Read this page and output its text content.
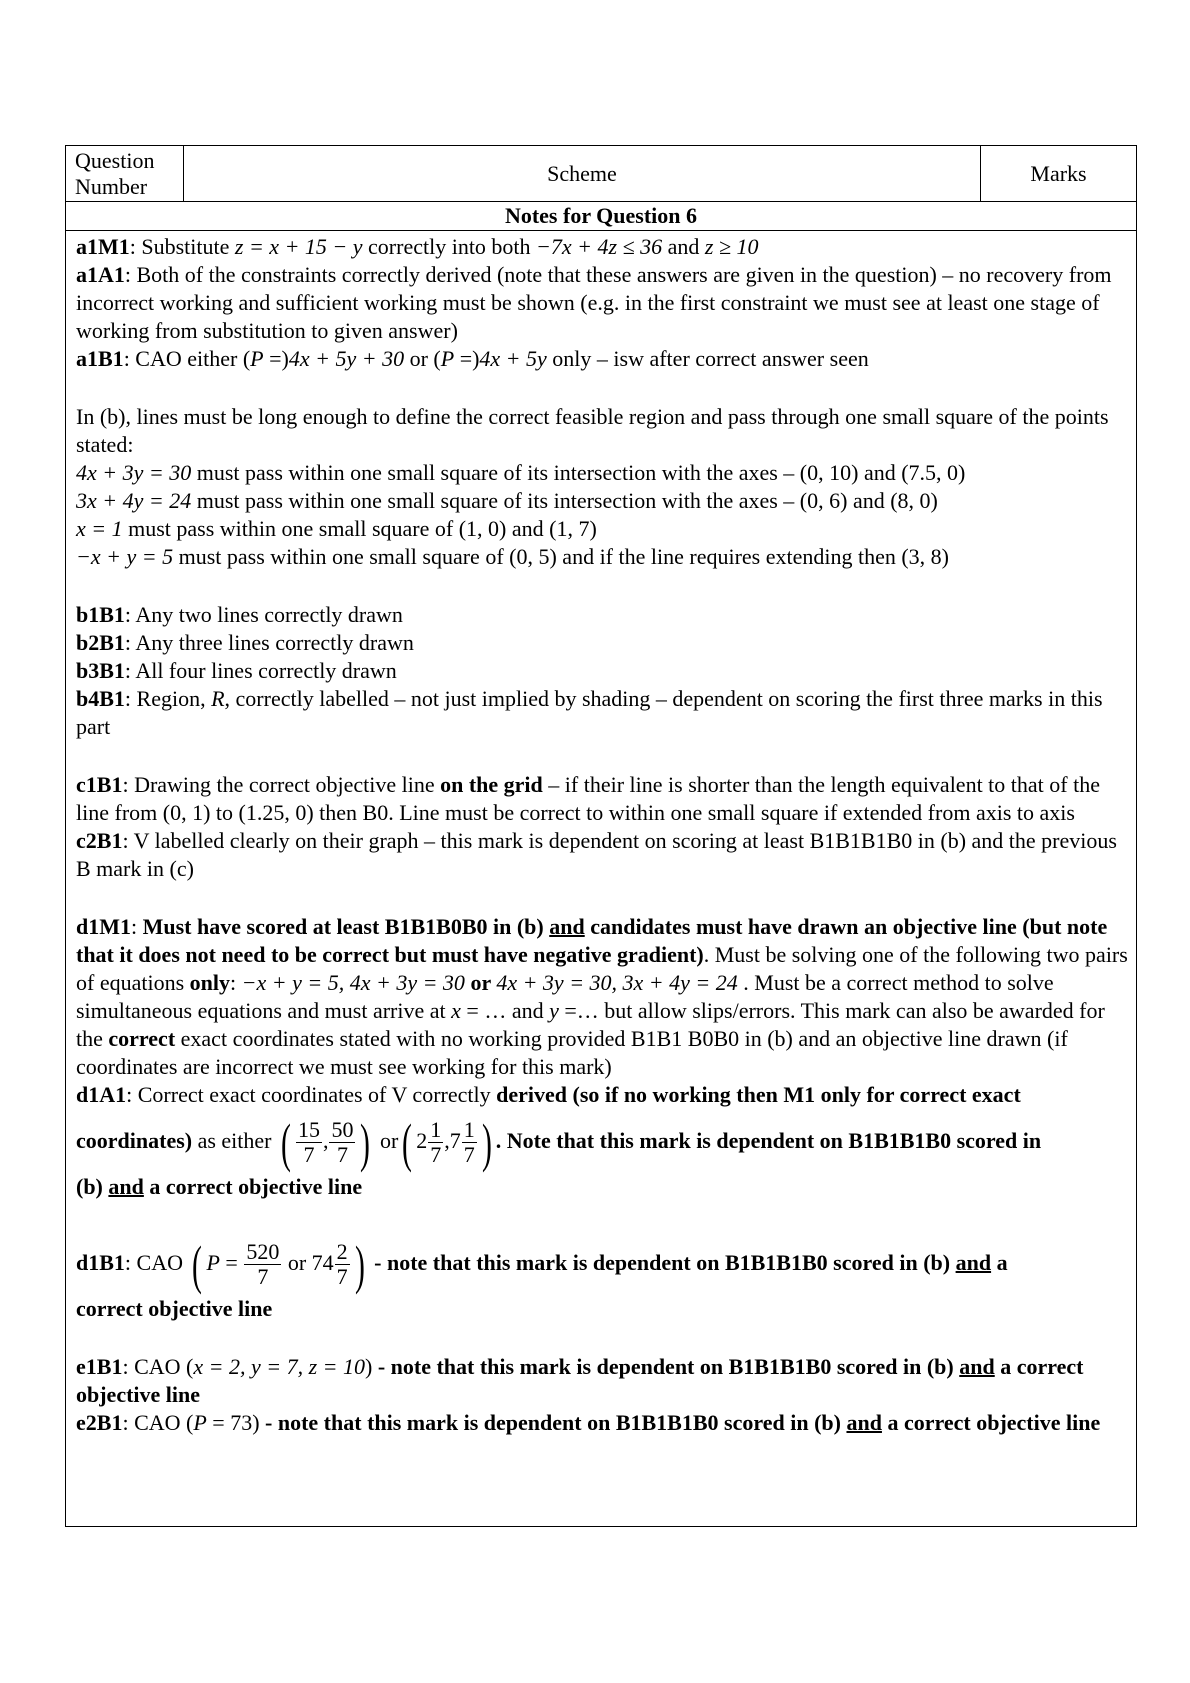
Question Number	Scheme	Marks
Notes for Question 6

a1M1: Substitute z = x + 15 − y correctly into both −7x + 4z ≤ 36 and z ≥ 10
a1A1: Both of the constraints correctly derived (note that these answers are given in the question) – no recovery from incorrect working and sufficient working must be shown (e.g. in the first constraint we must see at least one stage of working from substitution to given answer)
a1B1: CAO either (P =)4x + 5y + 30 or (P =)4x + 5y only – isw after correct answer seen
In (b), lines must be long enough to define the correct feasible region and pass through one small square of the points stated:
4x + 3y = 30 must pass within one small square of its intersection with the axes – (0, 10) and (7.5, 0)
3x + 4y = 24 must pass within one small square of its intersection with the axes – (0, 6) and (8, 0)
x = 1 must pass within one small square of (1, 0) and (1, 7)
−x + y = 5 must pass within one small square of (0, 5) and if the line requires extending then (3, 8)
b1B1: Any two lines correctly drawn
b2B1: Any three lines correctly drawn
b3B1: All four lines correctly drawn
b4B1: Region, R, correctly labelled – not just implied by shading – dependent on scoring the first three marks in this part
c1B1: Drawing the correct objective line on the grid – if their line is shorter than the length equivalent to that of the line from (0, 1) to (1.25, 0) then B0. Line must be correct to within one small square if extended from axis to axis
c2B1: V labelled clearly on their graph – this mark is dependent on scoring at least B1B1B1B0 in (b) and the previous B mark in (c)
d1M1: Must have scored at least B1B1B0B0 in (b) and candidates must have drawn an objective line (but note that it does not need to be correct but must have negative gradient). Must be solving one of the following two pairs of equations only: −x + y = 5, 4x + 3y = 30 or 4x + 3y = 30, 3x + 4y = 24 . Must be a correct method to solve simultaneous equations and must arrive at x = … and y =… but allow slips/errors. This mark can also be awarded for the correct exact coordinates stated with no working provided B1B1 B0B0 in (b) and an objective line drawn (if coordinates are incorrect we must see working for this mark)
d1A1: Correct exact coordinates of V correctly derived (so if no working then M1 only for correct exact
coordinates) as either ( $\frac{15}{7}$ , $\frac{50}{7}$ ) or( $2 \frac{1}{7} ,7 \frac{1}{7}$ ) . Note that this mark is dependent on B1B1B1B0 scored in
(b) and a correct objective line
d1B1: CAO ( $P = \frac{520}{7}$ or $74 \frac{2}{7}$ ) - note that this mark is dependent on B1B1B1B0 scored in (b) and a
correct objective line
e1B1: CAO (x = 2, y = 7, z = 10) - note that this mark is dependent on B1B1B1B0 scored in (b) and a correct objective line
e2B1: CAO (P = 73) - note that this mark is dependent on B1B1B1B0 scored in (b) and a correct objective line
